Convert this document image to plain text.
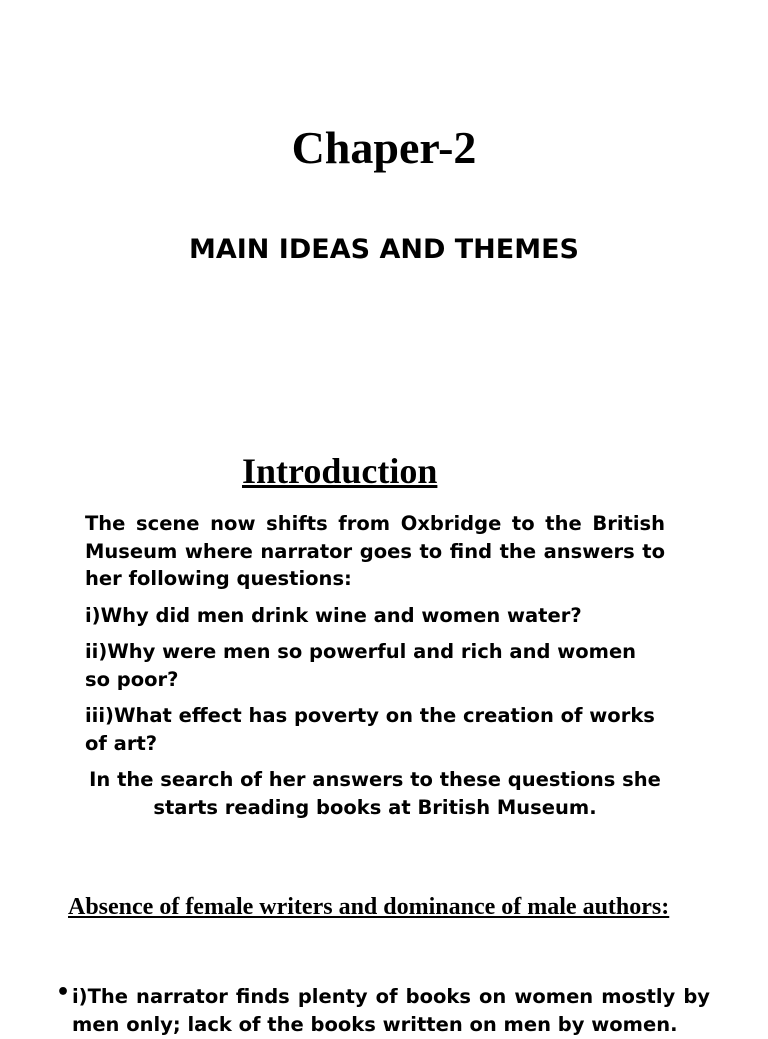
Chaper-2
MAIN IDEAS AND THEMES
Introduction

The scene now shifts from Oxbridge to the British Museum where narrator goes to find the answers to her following questions:

i)Why did men drink wine and women water?

ii)Why were men so powerful and rich and women so poor?

iii)What effect has poverty on the creation of works of art?

In the search of her answers to these questions she starts reading books at British Museum.

Absence of female writers and dominance of male authors:
• i)The narrator finds plenty of books on women mostly by men only; lack of the books written on men by women.
